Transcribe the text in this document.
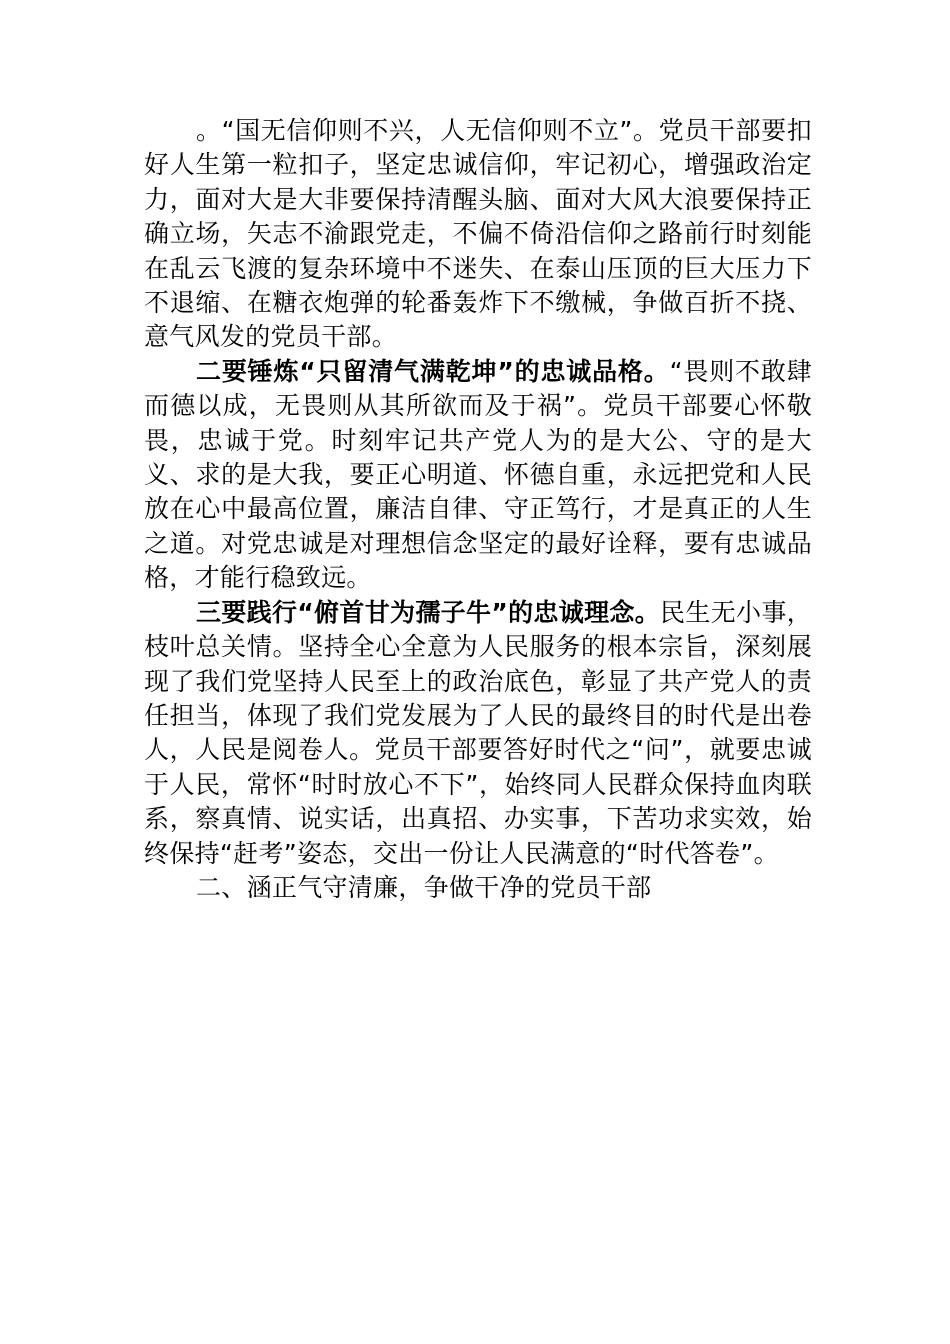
。“国无信仰则不兴，人无信仰则不立”。党员干部要扣好人生第一粒扣子，坚定忠诚信仰，牢记初心，增强政治定力，面对大是大非要保持清醒头脑、面对大风大浪要保持正确立场，矢志不渝跟党走，不偏不倚沿信仰之路前行时刻能在乱云飞渡的复杂环境中不迷失、在泰山压顶的巨大压力下不退缩、在糖衣炮弹的轮番轰炸下不缴械，争做百折不挠、意气风发的党员干部。

二要锤炼“只留清气满乾坤”的忠诚品格。“畏则不敢肆而德以成，无畏则从其所欲而及于祸”。党员干部要心怀敬畏，忠诚于党。时刻牢记共产党人为的是大公、守的是大义、求的是大我，要正心明道、怀德自重，永远把党和人民放在心中最高位置，廉洁自律、守正笃行，才是真正的人生之道。对党忠诚是对理想信念坚定的最好诠释，要有忠诚品格，才能行稳致远。

三要践行“俯首甘为孺子牛”的忠诚理念。民生无小事，枝叶总关情。坚持全心全意为人民服务的根本宗旨，深刻展现了我们党坚持人民至上的政治底色，彰显了共产党人的责任担当，体现了我们党发展为了人民的最终目的时代是出卷人，人民是阅卷人。党员干部要答好时代之“问”，就要忠诚于人民，常怀“时时放心不下”，始终同人民群众保持血肉联系，察真情、说实话，出真招、办实事，下苦功求实效，始终保持“赶考”姿态，交出一份让人民满意的“时代答卷”。

二、涵正气守清廉，争做干净的党员干部
